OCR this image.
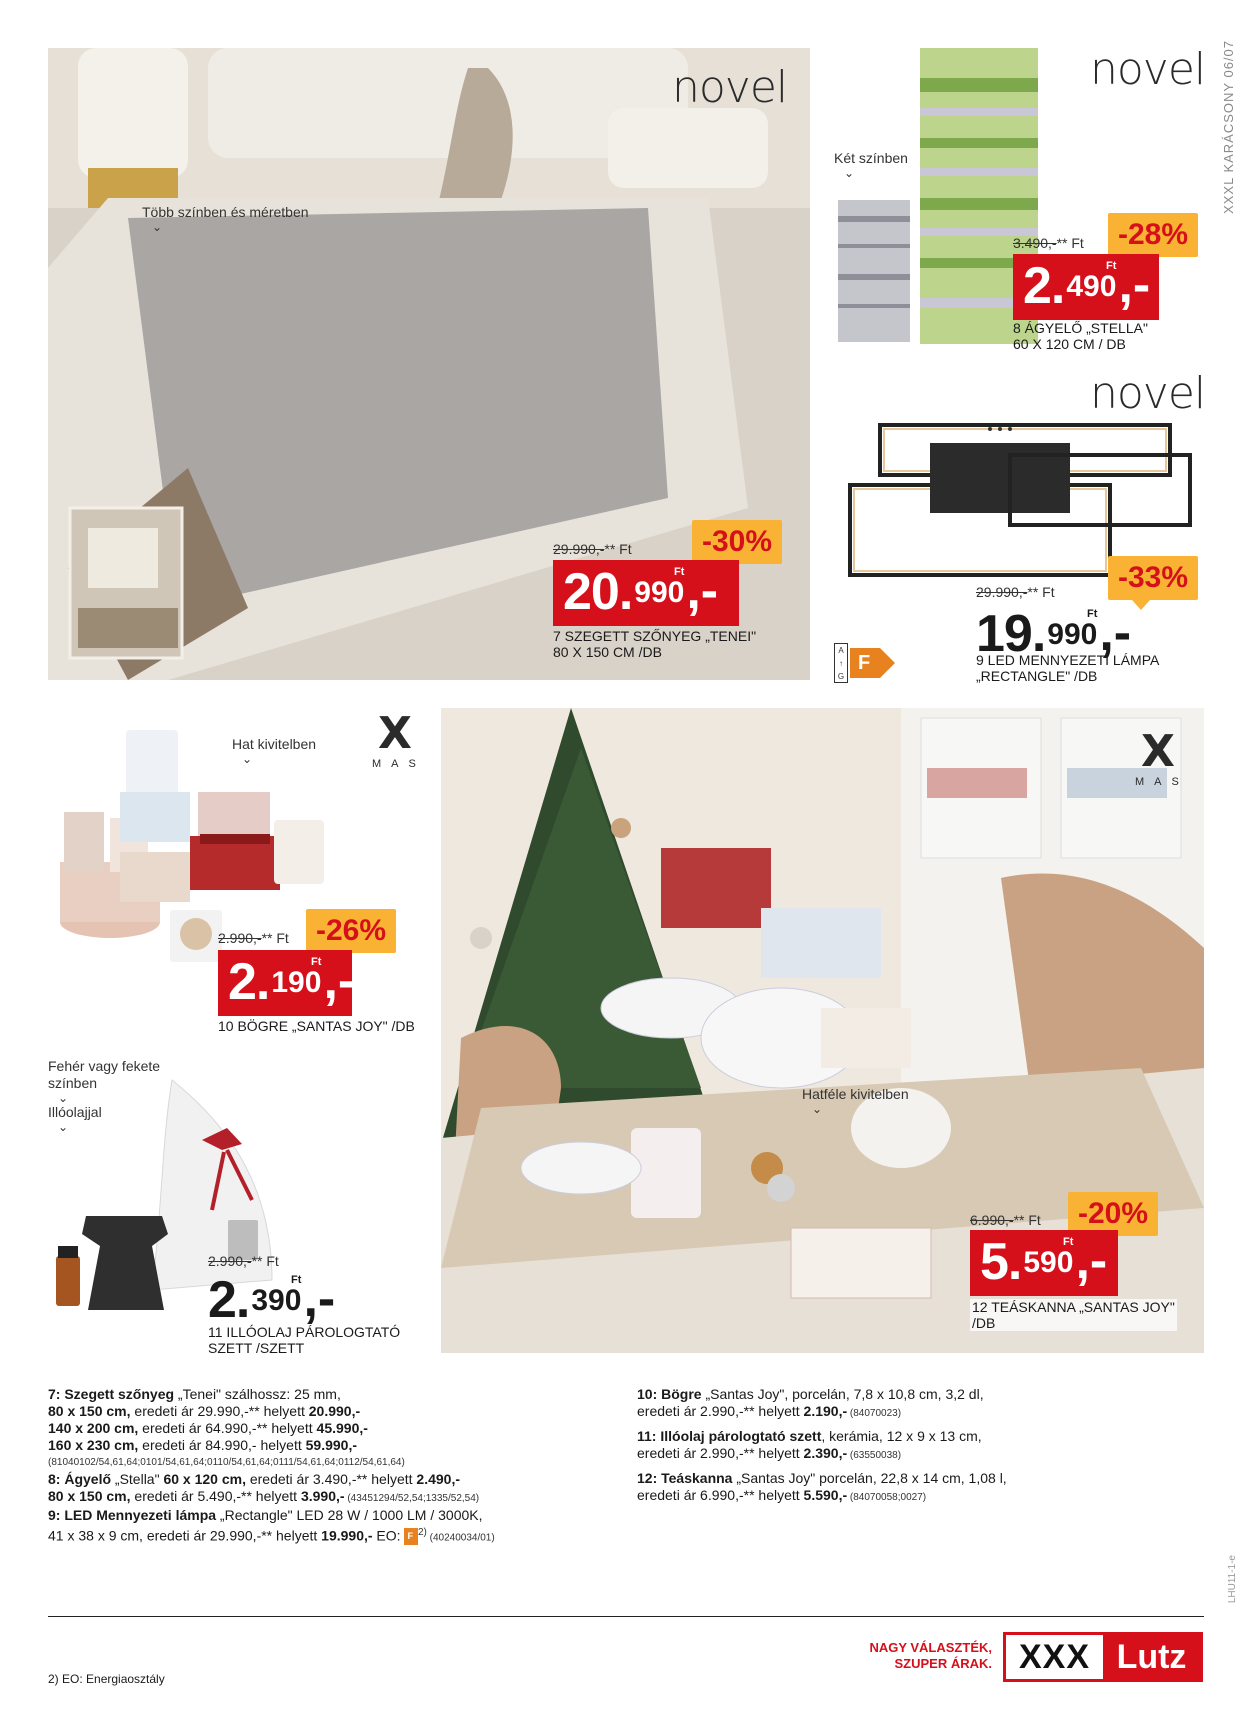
XXXL KARÁCSONY 06/07
LHU11-1-e
novel
Több színben és méretben
⌄
29.990,-** Ft	-30%
20.	Ft
990 ,-
7 SZEGETT SZŐNYEG „TENEI"
80 X 150 CM /DB
novel
Két színben
⌄
3.490,-** Ft	-28%
2.	Ft
490 ,-
8 ÁGYELŐ „STELLA"
60 X 120 CM / DB
novel
29.990,-** Ft	-33%
19.	Ft
990 ,-
A
↑
G
F	9 LED MENNYEZETI LÁMPA
„RECTANGLE" /DB
X
MAS
Hat kivitelben
⌄
2.990,-** Ft -26%
2.	Ft
190 ,-
10 BÖGRE „SANTAS JOY" /DB
Fehér vagy fekete
színben
⌄
Illóolajjal
⌄
2.990,-** Ft
2.	Ft
390 ,-
11 ILLÓOLAJ PÁROLOGTATÓ
SZETT /SZETT
X
MAS
Hatféle kivitelben
⌄
6.990,-** Ft	-20%
5.	Ft
590 ,-
12 TEÁSKANNA „SANTAS JOY"
/DB
7: Szegett szőnyeg „Tenei" szálhossz: 25 mm,
80 x 150 cm, eredeti ár 29.990,-** helyett 20.990,-
140 x 200 cm, eredeti ár 64.990,-** helyett 45.990,-
160 x 230 cm, eredeti ár 84.990,- helyett 59.990,-
(81040102/54,61,64;0101/54,61,64;0110/54,61,64;0111/54,61,64;0112/54,61,64)
8: Ágyelő „Stella" 60 x 120 cm, eredeti ár 3.490,-** helyett 2.490,-
80 x 150 cm, eredeti ár 5.490,-** helyett 3.990,- (43451294/52,54;1335/52,54)
9: LED Mennyezeti lámpa „Rectangle" LED 28 W / 1000 LM / 3000K,
41 x 38 x 9 cm, eredeti ár 29.990,-** helyett 19.990,- EO: F $^{2)}$ (40240034/01)
10: Bögre „Santas Joy", porcelán, 7,8 x 10,8 cm, 3,2 dl,
eredeti ár 2.990,-** helyett 2.190,- (84070023)
11: Illóolaj párologtató szett, kerámia, 12 x 9 x 13 cm,
eredeti ár 2.990,-** helyett 2.390,- (63550038)
12: Teáskanna „Santas Joy" porcelán, 22,8 x 14 cm, 1,08 l,
eredeti ár 6.990,-** helyett 5.590,- (84070058;0027)
2) EO: Energiaosztály
NAGY VÁLASZTÉK,
SZUPER ÁRAK. XXX Lutz
